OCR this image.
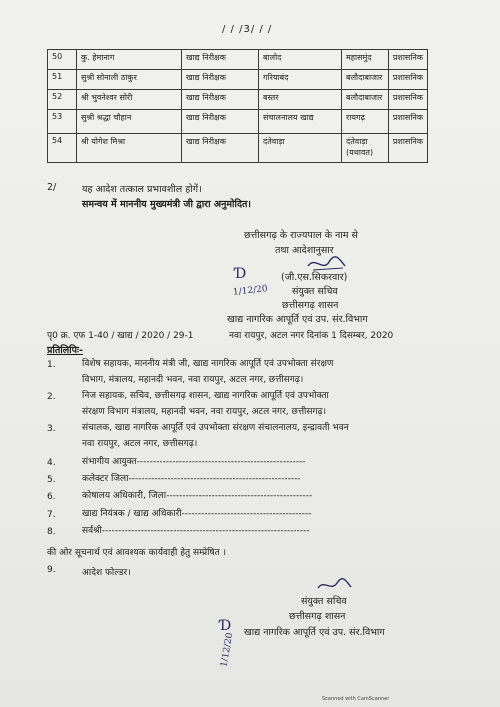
/ / /3/ / /
50	कु. हेमानाग	खाद्य निरीक्षक	बालोद	महासमुंद	प्रशासनिक
51	सुश्री सोनाली ठाकुर	खाद्य निरीक्षक	गरियाबंद	बलौदाबाजार	प्रशासनिक
52	श्री भुवनेश्वर सोरी	खाद्य निरीक्षक	बस्तर	बलौदाबाजार	प्रशासनिक
53	सुश्री श्रद्धा चौहान	खाद्य निरीक्षक	संचालनालय खाद्य	रायगढ़	प्रशासनिक
54	श्री योगेश मिश्रा	खाद्य निरीक्षक	दंतेवाड़ा	दंतेवाड़ा (यथावत)	प्रशासनिक
2/	यह आदेश तत्काल प्रभावशील होगें।
समन्वय में माननीय मुख्यमंत्री जी द्वारा अनुमोदित।
छत्तीसगढ़ के राज्यपाल के नाम से
तथा आदेशानुसार
Ɗ
1/12/20
(जी.एस.सिकरवार)
संयुक्त सचिव
छत्तीसगढ़ शासन
खाद्य नागरिक आपूर्ति एवं उप. संर.विभाग
पृ0 क्र. एफ 1-40 / खाद्य / 2020 / 29-1	नवा रायपुर, अटल नगर दिनांक 1 दिसम्बर, 2020
प्रतिलिपिः-
1.	विशेष सहायक, माननीय मंत्री जी, खाद्य नागरिक आपूर्ति एवं उपभोक्ता संरक्षण
विभाग, मंत्रालय, महानदी भवन, नवा रायपुर, अटल नगर, छत्तीसगढ़।
2.	निज सहायक, सचिव, छत्तीसगढ़ शासन, खाद्य नागरिक आपूर्ति एवं उपभोक्ता
संरक्षण विभाग मंत्रालय, महानदी भवन, नवा रायपुर, अटल नगर, छत्तीसगढ़।
3.	संचालक, खाद्य नागरिक आपूर्ति एवं उपभोक्ता संरक्षण संचालनालय, इन्द्रावती भवन
नवा रायपुर, अटल नगर, छत्तीसगढ़।
4.	संभागीय आयुक्त----------------------------------------------------
5.	कलेक्टर जिला-----------------------------------------------------
6.	कोषालय अधिकारी, जिला---------------------------------------------
7.	खाद्य नियंत्रक / खाद्य अधिकारी----------------------------------------
8.	सर्वश्री----------------------------------------------------------------
की ओर सूचनार्थ एवं आवश्यक कार्यवाही हेतु सम्प्रेषित ।
9.	आदेश फोल्डर।
संयुक्त सचिव
छत्तीसगढ़ शासन
खाद्य नागरिक आपूर्ति एवं उप. संर.विभाग
Ɗ
1/12/20
Scanned with CamScanner
